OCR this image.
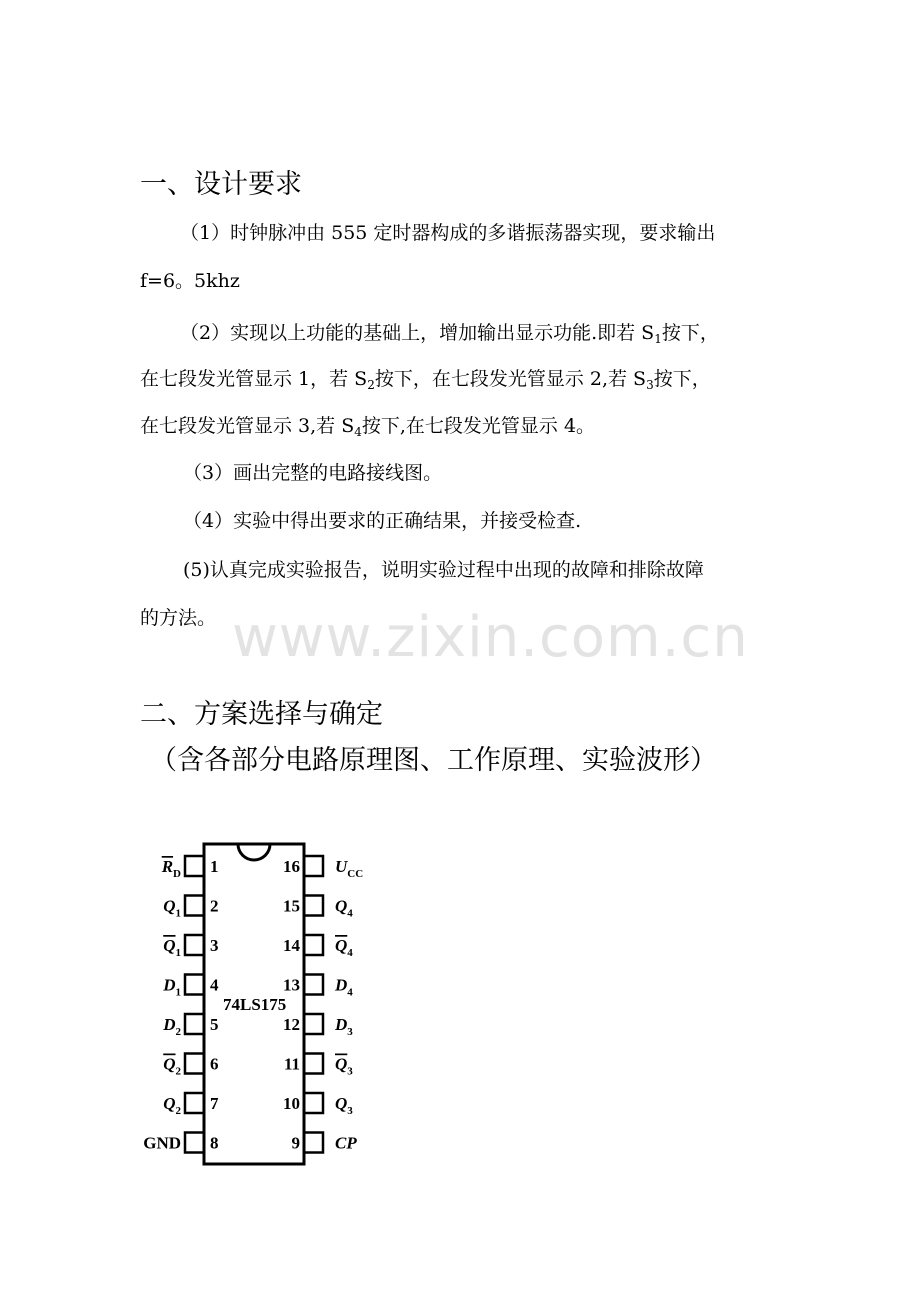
一、设计要求
（1）时钟脉冲由 555 定时器构成的多谐振荡器实现，要求输出
f=6。5khz
（2）实现以上功能的基础上，增加输出显示功能.即若 $S_1$按下，
在七段发光管显示 1，若 $S_2$按下，在七段发光管显示 2,若 $S_3$按下，
在七段发光管显示 3,若 $S_4$按下,在七段发光管显示 4。
（3）画出完整的电路接线图。
（4）实验中得出要求的正确结果，并接受检查.
(5)认真完成实验报告，说明实验过程中出现的故障和排除故障
的方法。 www.zixin.com.cn
二、方案选择与确定
（含各部分电路原理图、工作原理、实验波形）
74LS175
1
$R_D$
2
$Q_1$
3
$Q_1$
4
$D_1$
5
$D_2$
6
$Q_2$
7
$Q_2$
8
GND
16 $U_{CC}$
15 $Q_4$
14 $Q_4$
13 $D_4$
12 $D_3$
11 $Q_3$
10 $Q_3$
9 CP
